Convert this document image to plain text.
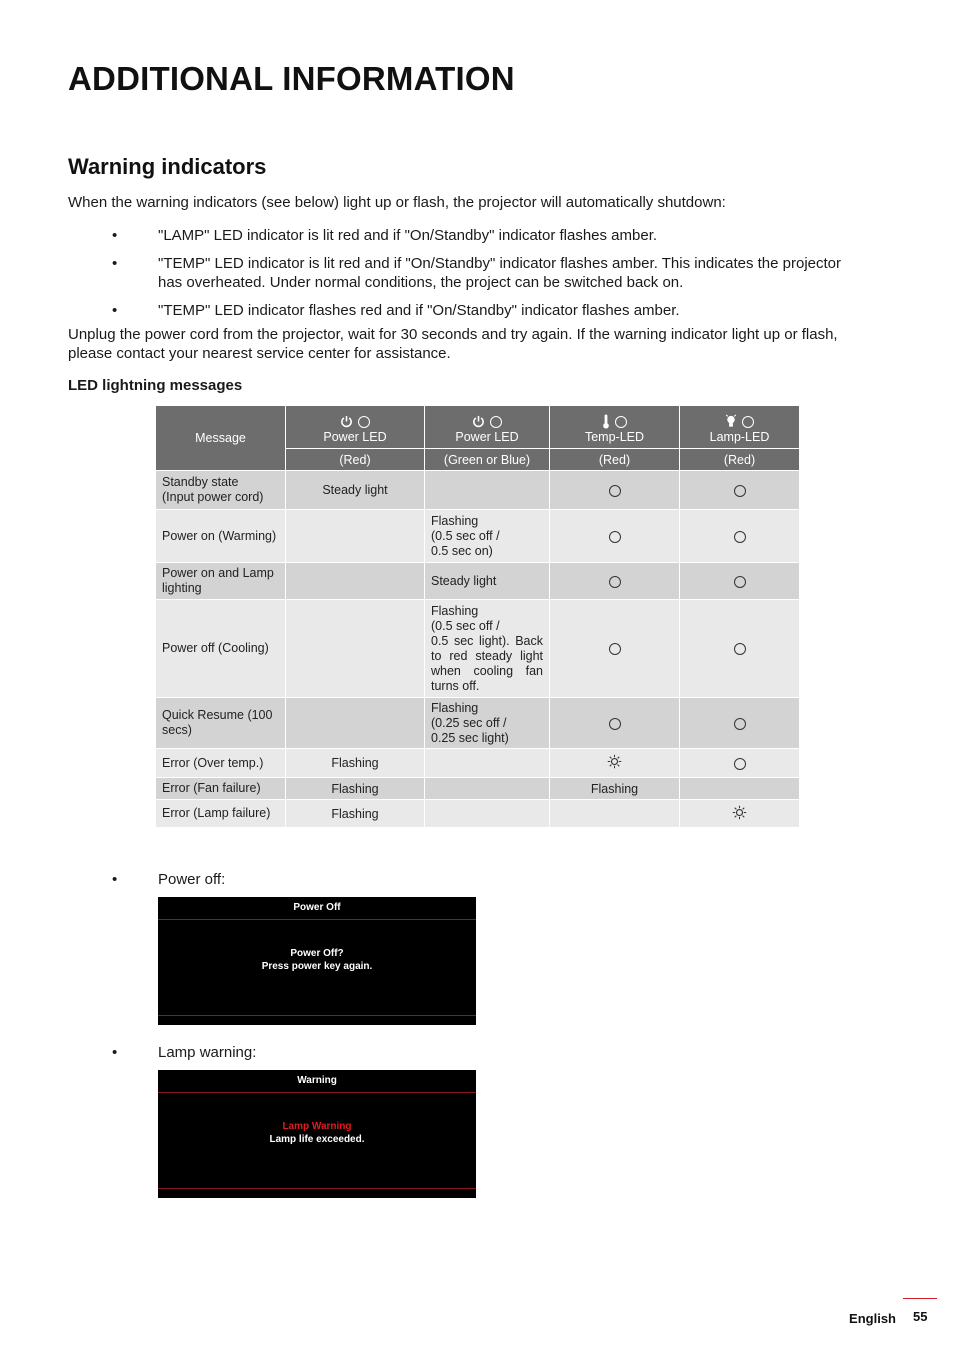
ADDITIONAL INFORMATION
Warning indicators
When the warning indicators (see below) light up or flash, the projector will automatically shutdown:
•	"LAMP" LED indicator is lit red and if "On/Standby" indicator flashes amber.
•	"TEMP" LED indicator is lit red and if "On/Standby" indicator flashes amber. This indicates the projector has overheated. Under normal conditions, the project can be switched back on.
•	"TEMP" LED indicator flashes red and if "On/Standby" indicator flashes amber.
Unplug the power cord from the projector, wait for 30 seconds and try again. If the warning indicator light up or flash, please contact your nearest service center for assistance.
LED lightning messages
Message	Power LED	Power LED	Temp-LED	Lamp-LED
	(Red)	(Green or Blue)	(Red)	(Red)
Standby state
(Input power cord)	Steady light			
Power on (Warming)		Flashing
(0.5 sec off /
0.5 sec on)		
Power on and Lamp lighting		Steady light		
Power off (Cooling)		Flashing
(0.5 sec off /
0.5 sec light). Back to red steady light when cooling fan turns off.		
Quick Resume (100 secs)		Flashing
(0.25 sec off /
0.25 sec light)		
Error (Over temp.)	Flashing			
Error (Fan failure)	Flashing		Flashing	
Error (Lamp failure)	Flashing			
•	Power off:
Power Off
Power Off?
Press power key again.
•	Lamp warning:
Warning
Lamp Warning
Lamp life exceeded.
English 55
